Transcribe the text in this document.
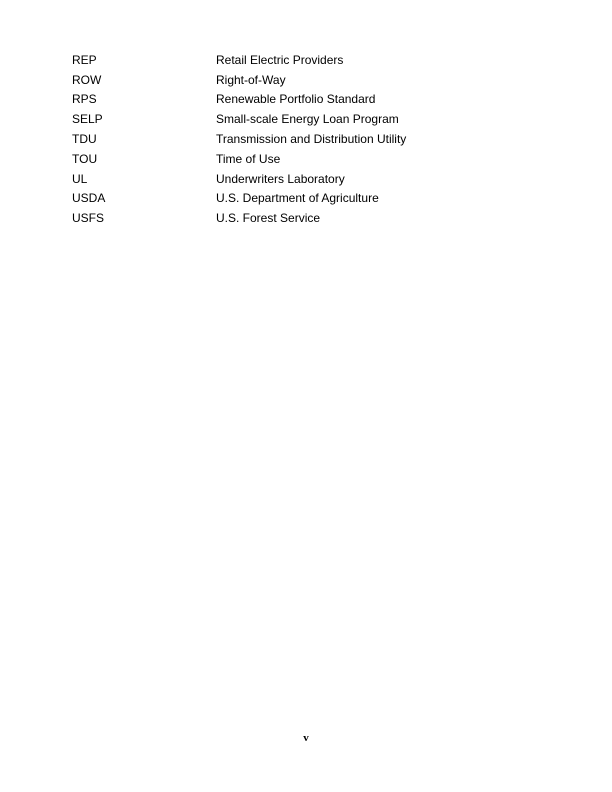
REP	Retail Electric Providers
ROW	Right-of-Way
RPS	Renewable Portfolio Standard
SELP	Small-scale Energy Loan Program
TDU	Transmission and Distribution Utility
TOU	Time of Use
UL	Underwriters Laboratory
USDA	U.S. Department of Agriculture
USFS	U.S. Forest Service
v
